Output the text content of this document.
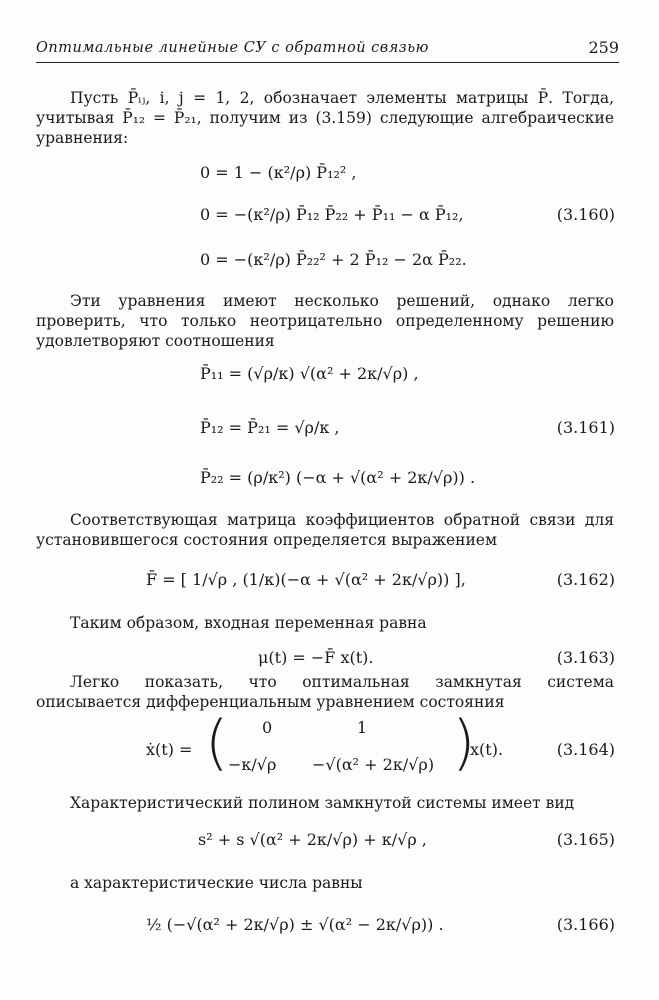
Оптимальные линейные СУ с обратной связью	259
Пусть P̄ᵢⱼ, i, j = 1, 2, обозначает элементы матрицы P̄. Тогда, учитывая P̄₁₂ = P̄₂₁, получим из (3.159) следующие алгебраические уравнения:
0 = 1 − (κ²/ρ) P̄₁₂² ,
0 = −(κ²/ρ) P̄₁₂ P̄₂₂ + P̄₁₁ − α P̄₁₂,
0 = −(κ²/ρ) P̄₂₂² + 2 P̄₁₂ − 2α P̄₂₂.
(3.160)
Эти уравнения имеют несколько решений, однако легко проверить, что только неотрицательно определенному решению удовлетворяют соотношения
P̄₁₁ = (√ρ/κ) √(α² + 2κ/√ρ) ,
P̄₁₂ = P̄₂₁ = √ρ/κ ,
P̄₂₂ = (ρ/κ²) (−α + √(α² + 2κ/√ρ)) .
(3.161)
Соответствующая матрица коэффициентов обратной связи для установившегося состояния определяется выражением
F̄ = [ 1/√ρ , (1/κ)(−α + √(α² + 2κ/√ρ)) ],	(3.162)
Таким образом, входная переменная равна
μ(t) = −F̄ x(t).	(3.163)
Легко показать, что оптимальная замкнутая система описывается дифференциальным уравнением состояния
ẋ(t) = ( 0	1
−κ/√ρ −√(α² + 2κ/√ρ) )
x(t).	(3.164)
Характеристический полином замкнутой системы имеет вид
s² + s √(α² + 2κ/√ρ) + κ/√ρ ,	(3.165)
а характеристические числа равны
½ (−√(α² + 2κ/√ρ) ± √(α² − 2κ/√ρ)) .	(3.166)
